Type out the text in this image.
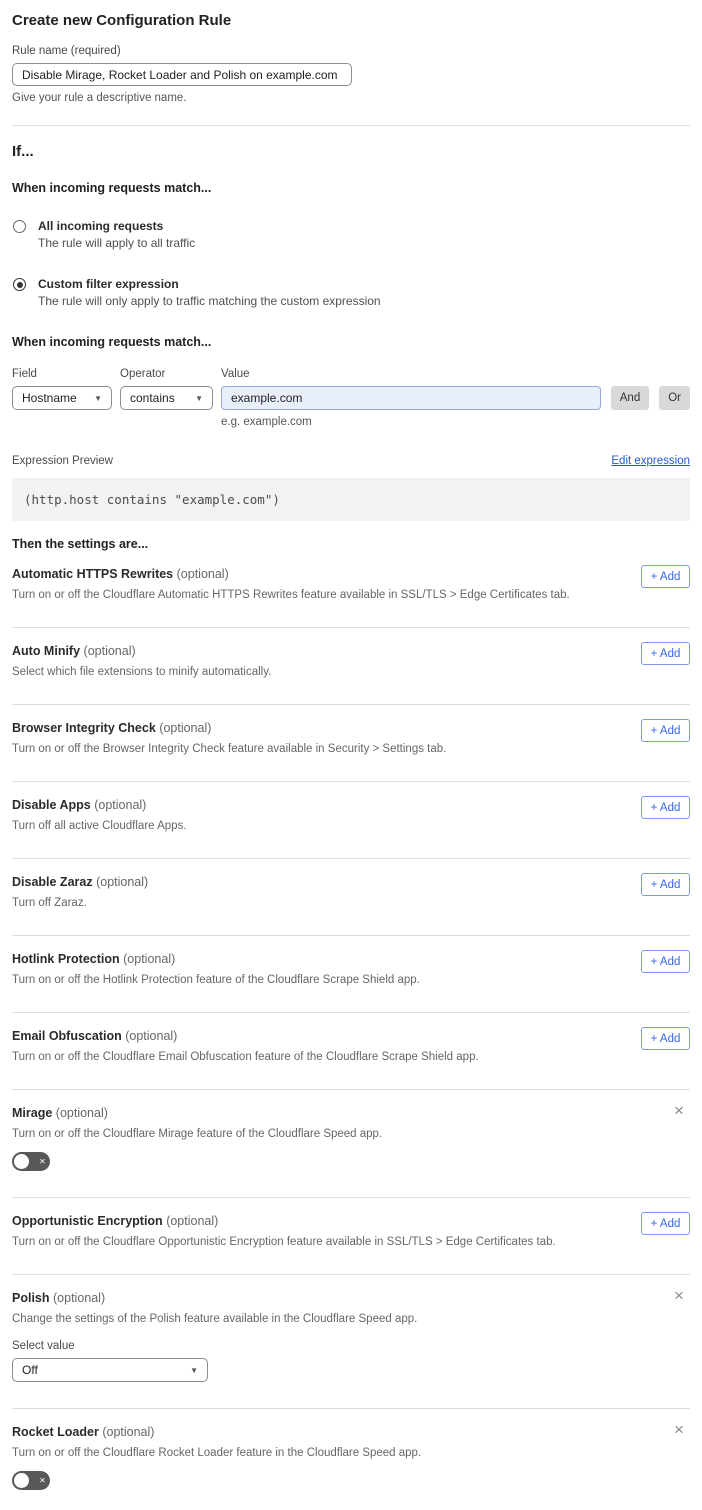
Create new Configuration Rule
Rule name (required)
Disable Mirage, Rocket Loader and Polish on example.com
Give your rule a descriptive name.
If...
When incoming requests match...
All incoming requests
The rule will apply to all traffic
Custom filter expression
The rule will only apply to traffic matching the custom expression
When incoming requests match...
Field
Hostname ▼
Operator
contains	▼
Value
example.com
And	Or
e.g. example.com
Expression Preview	Edit expression
(http.host contains "example.com")
Then the settings are...
Automatic HTTPS Rewrites (optional)
Turn on or off the Cloudflare Automatic HTTPS Rewrites feature available in SSL/TLS > Edge Certificates tab.
+ Add
Auto Minify (optional)
Select which file extensions to minify automatically.
+ Add
Browser Integrity Check (optional)
Turn on or off the Browser Integrity Check feature available in Security > Settings tab.
+ Add
Disable Apps (optional)
Turn off all active Cloudflare Apps.
+ Add
Disable Zaraz (optional)
Turn off Zaraz.
+ Add
Hotlink Protection (optional)
Turn on or off the Hotlink Protection feature of the Cloudflare Scrape Shield app.
+ Add
Email Obfuscation (optional)
Turn on or off the Cloudflare Email Obfuscation feature of the Cloudflare Scrape Shield app.
+ Add
Mirage (optional)
Turn on or off the Cloudflare Mirage feature of the Cloudflare Speed app.
×
×
Opportunistic Encryption (optional)
Turn on or off the Cloudflare Opportunistic Encryption feature available in SSL/TLS > Edge Certificates tab.
+ Add
Polish (optional)
Change the settings of the Polish feature available in the Cloudflare Speed app.
Select value
Off	▼
×
Rocket Loader (optional)
Turn on or off the Cloudflare Rocket Loader feature in the Cloudflare Speed app.
×
×
